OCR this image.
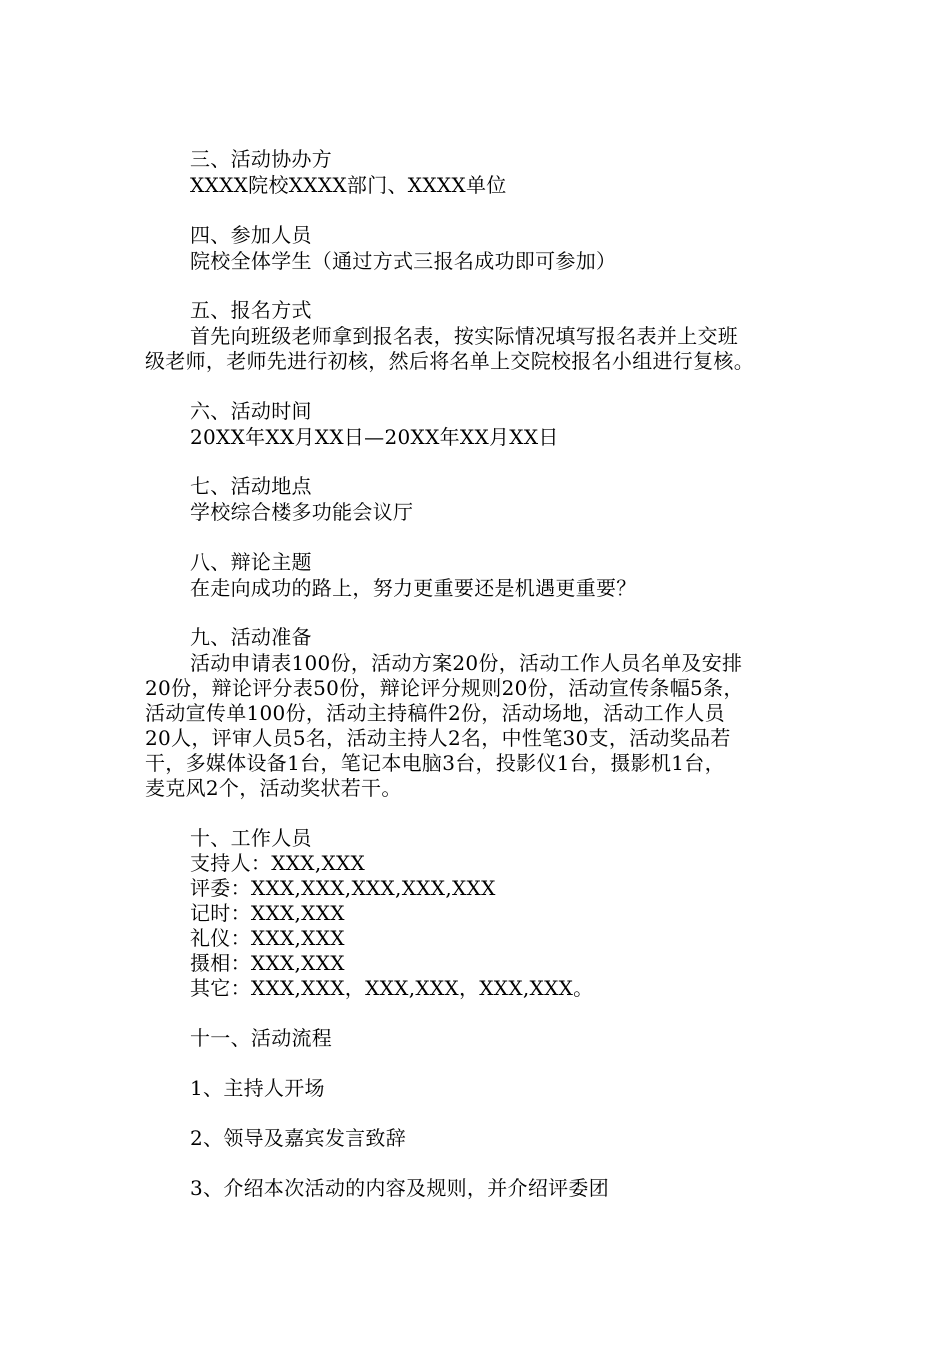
三、活动协办方
XXXX院校XXXX部门、XXXX单位
四、参加人员
院校全体学生（通过方式三报名成功即可参加）
五、报名方式
首先向班级老师拿到报名表，按实际情况填写报名表并上交班
级老师，老师先进行初核，然后将名单上交院校报名小组进行复核。
六、活动时间
20XX年XX月XX日—20XX年XX月XX日
七、活动地点
学校综合楼多功能会议厅
八、辩论主题
在走向成功的路上，努力更重要还是机遇更重要？
九、活动准备
活动申请表100份，活动方案20份，活动工作人员名单及安排
20份，辩论评分表50份，辩论评分规则20份，活动宣传条幅5条，
活动宣传单100份，活动主持稿件2份，活动场地，活动工作人员
20人，评审人员5名，活动主持人2名，中性笔30支，活动奖品若
干，多媒体设备1台，笔记本电脑3台，投影仪1台，摄影机1台，
麦克风2个，活动奖状若干。
十、工作人员
支持人：XXX,XXX
评委：XXX,XXX,XXX,XXX,XXX
记时：XXX,XXX
礼仪：XXX,XXX
摄相：XXX,XXX
其它：XXX,XXX，XXX,XXX，XXX,XXX。
十一、活动流程
1、主持人开场
2、领导及嘉宾发言致辞
3、介绍本次活动的内容及规则，并介绍评委团
